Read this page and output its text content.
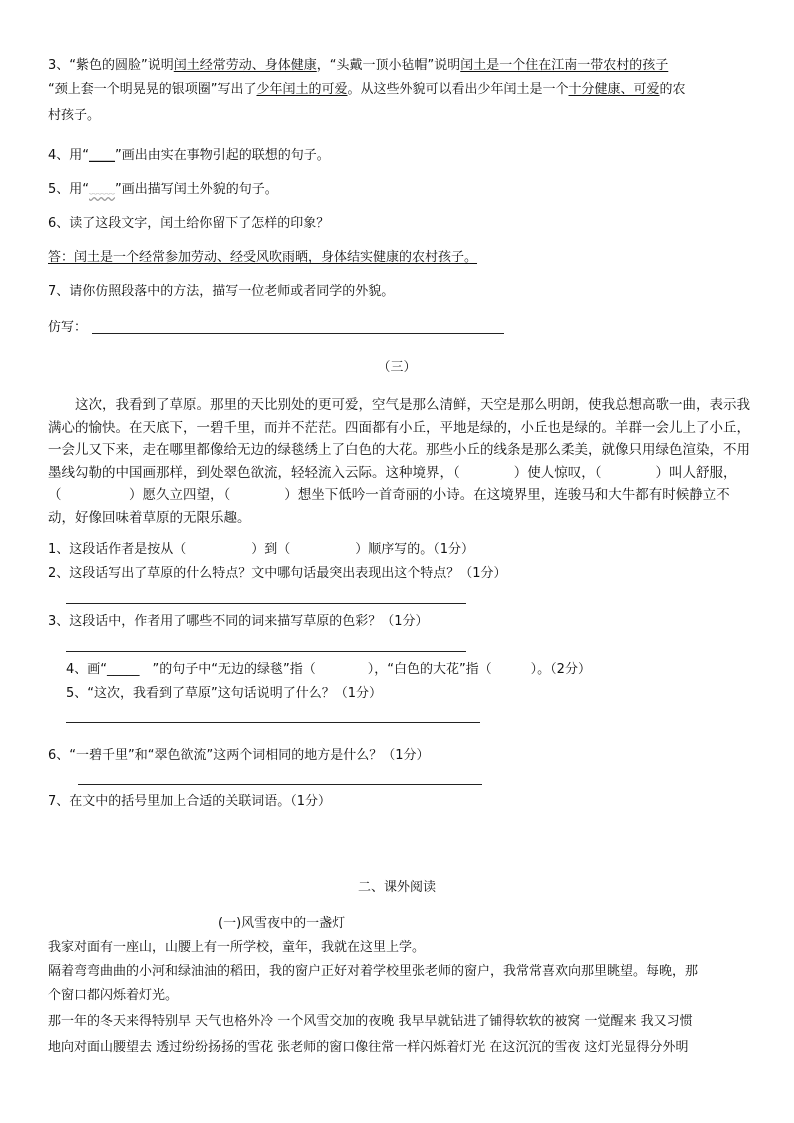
3、“紫色的圆脸”说明闰土经常劳动、身体健康，“头戴一顶小毡帽”说明闰土是一个住在江南一带农村的孩子
“颈上套一个明晃晃的银项圈”写出了少年闰土的可爱。从这些外貌可以看出少年闰土是一个十分健康、可爱的农
村孩子。
4、用“____”画出由实在事物引起的联想的句子。
5、用“﹏﹏”画出描写闰土外貌的句子。
6、读了这段文字，闰土给你留下了怎样的印象？
答：闰土是一个经常参加劳动、经受风吹雨晒，身体结实健康的农村孩子。
7、请你仿照段落中的方法，描写一位老师或者同学的外貌。
仿写：
（三）
这次，我看到了草原。那里的天比别处的更可爱，空气是那么清鲜，天空是那么明朗，使我总想高歌一曲，表示我满心的愉快。在天底下，一碧千里，而并不茫茫。四面都有小丘，平地是绿的，小丘也是绿的。羊群一会儿上了小丘，一会儿又下来，走在哪里都像给无边的绿毯绣上了白色的大花。那些小丘的线条是那么柔美，就像只用绿色渲染，不用墨线勾勒的中国画那样，到处翠色欲流，轻轻流入云际。这种境界，（　　　　）使人惊叹，（　　　　）叫人舒服，（　　　　　）愿久立四望，（　　　　）想坐下低吟一首奇丽的小诗。在这境界里，连骏马和大牛都有时候静立不动，好像回味着草原的无限乐趣。
1、这段话作者是按从（　　　　　）到（　　　　　）顺序写的。（1分）
2、这段话写出了草原的什么特点？文中哪句话最突出表现出这个特点？（1分）
3、这段话中，作者用了哪些不同的词来描写草原的色彩？（1分）
4、画“_____　”的句子中“无边的绿毯”指（　　　　），“白色的大花”指（　　　）。（2分）
5、“这次，我看到了草原”这句话说明了什么？（1分）
6、“一碧千里”和“翠色欲流”这两个词相同的地方是什么？（1分）
7、在文中的括号里加上合适的关联词语。（1分）
二、课外阅读
(一)风雪夜中的一盏灯
我家对面有一座山，山腰上有一所学校，童年，我就在这里上学。
隔着弯弯曲曲的小河和绿油油的稻田，我的窗户正好对着学校里张老师的窗户，我常常喜欢向那里眺望。每晚，那
个窗口都闪烁着灯光。
那一年的冬天来得特别早 天气也格外冷 一个风雪交加的夜晚 我早早就钻进了铺得软软的被窝 一觉醒来 我又习惯
地向对面山腰望去 透过纷纷扬扬的雪花 张老师的窗口像往常一样闪烁着灯光 在这沉沉的雪夜 这灯光显得分外明
